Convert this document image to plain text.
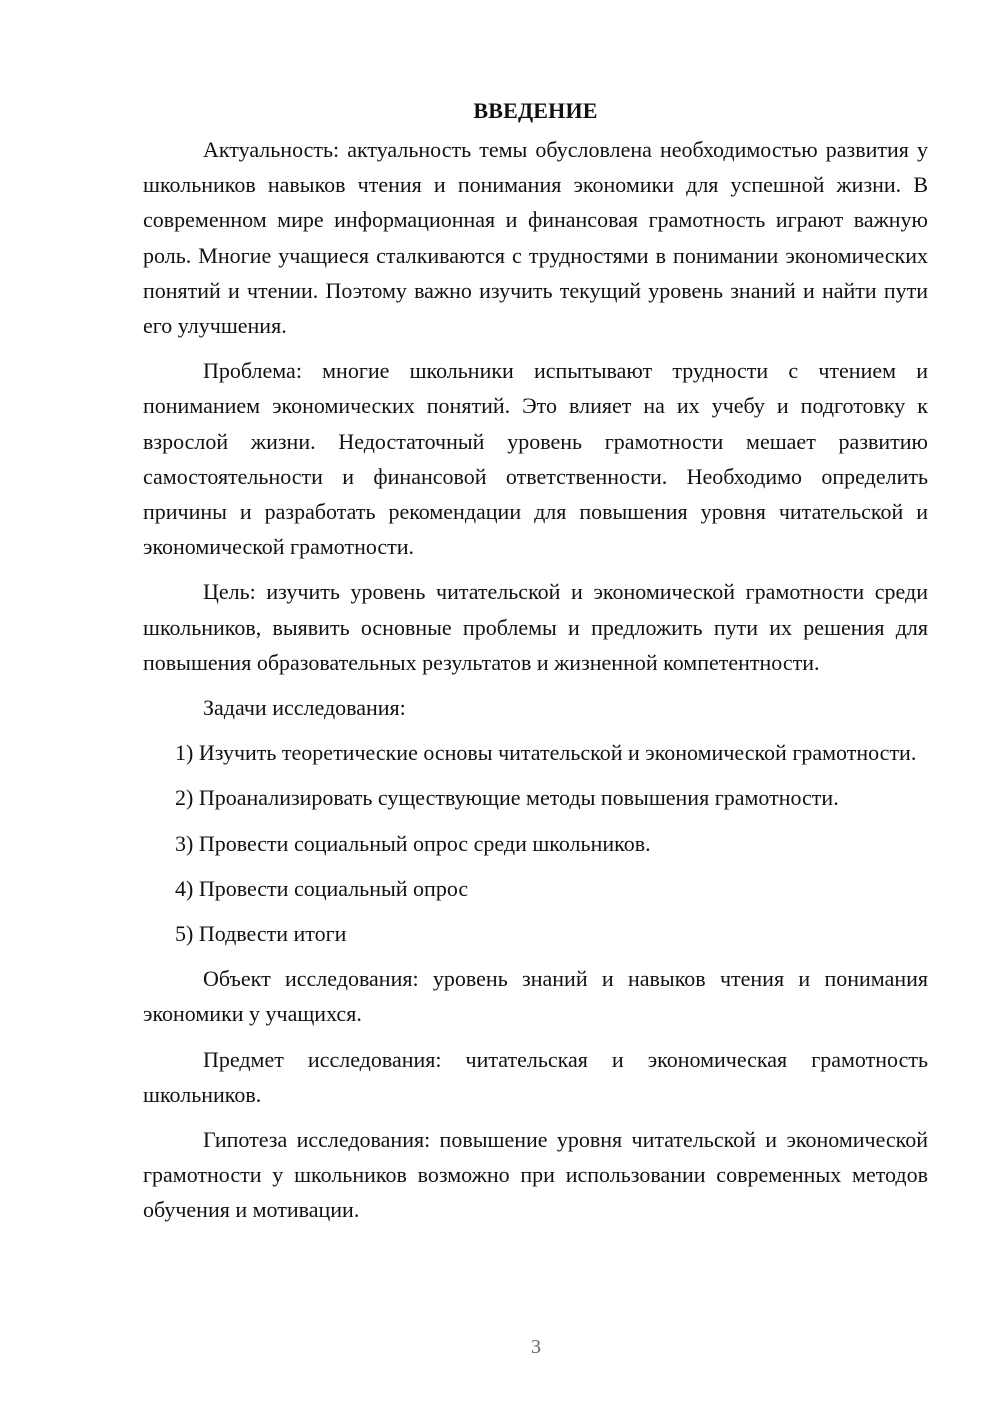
ВВЕДЕНИЕ

Актуальность: актуальность темы обусловлена необходимостью развития у школьников навыков чтения и понимания экономики для успешной жизни. В современном мире информационная и финансовая грамотность играют важную роль. Многие учащиеся сталкиваются с трудностями в понимании экономических понятий и чтении. Поэтому важно изучить текущий уровень знаний и найти пути его улучшения.

Проблема: многие школьники испытывают трудности с чтением и пониманием экономических понятий. Это влияет на их учебу и подготовку к взрослой жизни. Недостаточный уровень грамотности мешает развитию самостоятельности и финансовой ответственности. Необходимо определить причины и разработать рекомендации для повышения уровня читательской и экономической грамотности.

Цель: изучить уровень читательской и экономической грамотности среди школьников, выявить основные проблемы и предложить пути их решения для повышения образовательных результатов и жизненной компетентности.

Задачи исследования:

1) Изучить теоретические основы читательской и экономической грамотности.

2) Проанализировать существующие методы повышения грамотности.

3) Провести социальный опрос среди школьников.

4) Провести социальный опрос

5) Подвести итоги

Объект исследования: уровень знаний и навыков чтения и понимания экономики у учащихся.

Предмет исследования: читательская и экономическая грамотность школьников.

Гипотеза исследования: повышение уровня читательской и экономической грамотности у школьников возможно при использовании современных методов обучения и мотивации.

3
